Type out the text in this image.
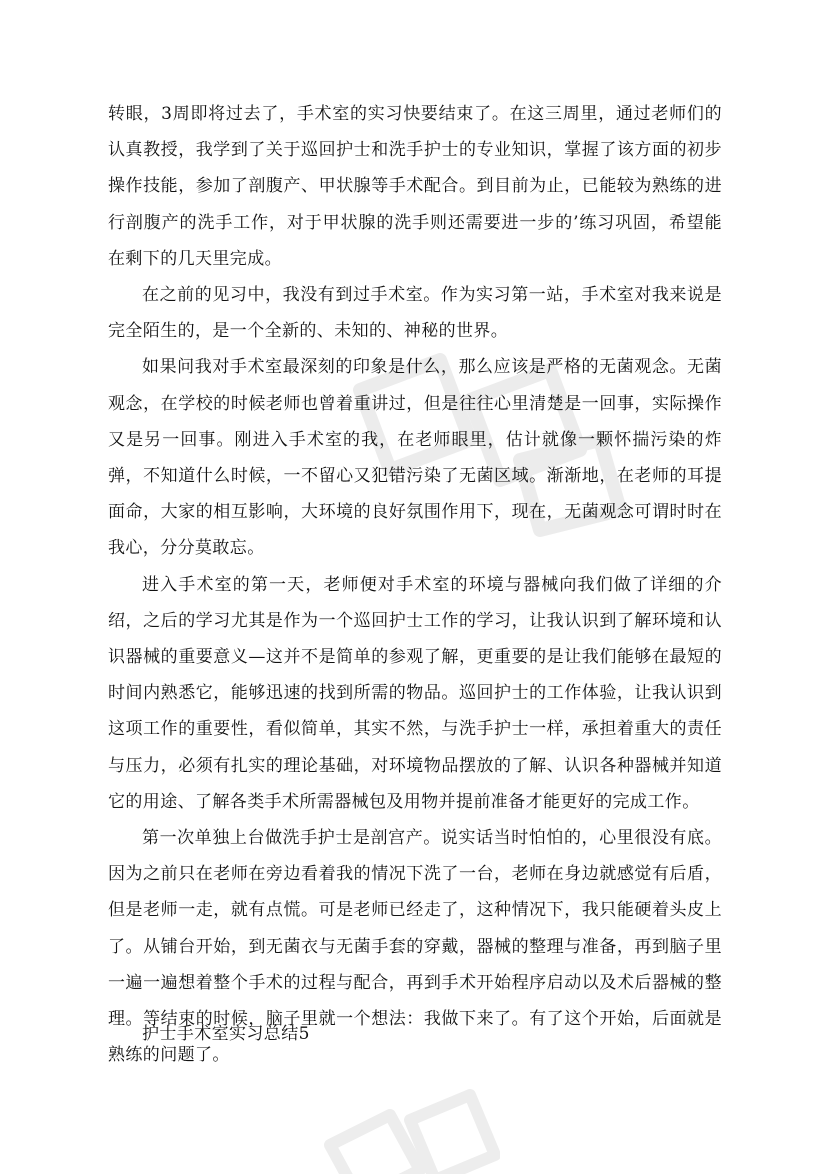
转眼，3周即将过去了，手术室的实习快要结束了。在这三周里，通过老师们的认真教授，我学到了关于巡回护士和洗手护士的专业知识，掌握了该方面的初步操作技能，参加了剖腹产、甲状腺等手术配合。到目前为止，已能较为熟练的进行剖腹产的洗手工作，对于甲状腺的洗手则还需要进一步的’练习巩固，希望能在剩下的几天里完成。

在之前的见习中，我没有到过手术室。作为实习第一站，手术室对我来说是完全陌生的，是一个全新的、未知的、神秘的世界。

如果问我对手术室最深刻的印象是什么，那么应该是严格的无菌观念。无菌观念，在学校的时候老师也曾着重讲过，但是往往心里清楚是一回事，实际操作又是另一回事。刚进入手术室的我，在老师眼里，估计就像一颗怀揣污染的炸弹，不知道什么时候，一不留心又犯错污染了无菌区域。渐渐地，在老师的耳提面命，大家的相互影响，大环境的良好氛围作用下，现在，无菌观念可谓时时在我心，分分莫敢忘。

进入手术室的第一天，老师便对手术室的环境与器械向我们做了详细的介绍，之后的学习尤其是作为一个巡回护士工作的学习，让我认识到了解环境和认识器械的重要意义—这并不是简单的参观了解，更重要的是让我们能够在最短的时间内熟悉它，能够迅速的找到所需的物品。巡回护士的工作体验，让我认识到这项工作的重要性，看似简单，其实不然，与洗手护士一样，承担着重大的责任与压力，必须有扎实的理论基础，对环境物品摆放的了解、认识各种器械并知道它的用途、了解各类手术所需器械包及用物并提前准备才能更好的完成工作。

第一次单独上台做洗手护士是剖宫产。说实话当时怕怕的，心里很没有底。因为之前只在老师在旁边看着我的情况下洗了一台，老师在身边就感觉有后盾，但是老师一走，就有点慌。可是老师已经走了，这种情况下，我只能硬着头皮上了。从铺台开始，到无菌衣与无菌手套的穿戴，器械的整理与准备，再到脑子里一遍一遍想着整个手术的过程与配合，再到手术开始程序启动以及术后器械的整理。等结束的时候，脑子里就一个想法：我做下来了。有了这个开始，后面就是熟练的问题了。

护士手术室实习总结5
